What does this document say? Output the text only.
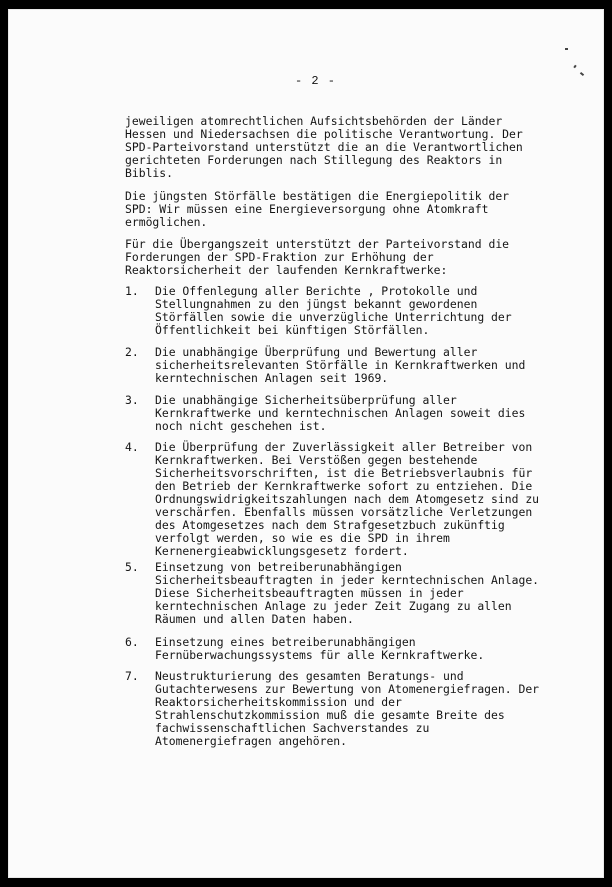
- 2 -
jeweiligen atomrechtlichen Aufsichtsbehörden der Länder
Hessen und Niedersachsen die politische Verantwortung. Der
SPD-Parteivorstand unterstützt die an die Verantwortlichen
gerichteten Forderungen nach Stillegung des Reaktors in
Biblis.
Die jüngsten Störfälle bestätigen die Energiepolitik der
SPD: Wir müssen eine Energieversorgung ohne Atomkraft
ermöglichen.
Für die Übergangszeit unterstützt der Parteivorstand die
Forderungen der SPD-Fraktion zur Erhöhung der
Reaktorsicherheit der laufenden Kernkraftwerke:
1.	Die Offenlegung aller Berichte , Protokolle und
Stellungnahmen zu den jüngst bekannt gewordenen
Störfällen sowie die unverzügliche Unterrichtung der
Öffentlichkeit bei künftigen Störfällen.
2.	Die unabhängige Überprüfung und Bewertung aller
sicherheitsrelevanten Störfälle in Kernkraftwerken und
kerntechnischen Anlagen seit 1969.
3.	Die unabhängige Sicherheitsüberprüfung aller
Kernkraftwerke und kerntechnischen Anlagen soweit dies
noch nicht geschehen ist.
4.	Die Überprüfung der Zuverlässigkeit aller Betreiber von
Kernkraftwerken. Bei Verstößen gegen bestehende
Sicherheitsvorschriften, ist die Betriebsverlaubnis für
den Betrieb der Kernkraftwerke sofort zu entziehen. Die
Ordnungswidrigkeitszahlungen nach dem Atomgesetz sind zu
verschärfen. Ebenfalls müssen vorsätzliche Verletzungen
des Atomgesetzes nach dem Strafgesetzbuch zukünftig
verfolgt werden, so wie es die SPD in ihrem
Kernenergieabwicklungsgesetz fordert.
5.	Einsetzung von betreiberunabhängigen
Sicherheitsbeauftragten in jeder kerntechnischen Anlage.
Diese Sicherheitsbeauftragten müssen in jeder
kerntechnischen Anlage zu jeder Zeit Zugang zu allen
Räumen und allen Daten haben.
6.	Einsetzung eines betreiberunabhängigen
Fernüberwachungssystems für alle Kernkraftwerke.
7.	Neustrukturierung des gesamten Beratungs- und
Gutachterwesens zur Bewertung von Atomenergiefragen. Der
Reaktorsicherheitskommission und der
Strahlenschutzkommission muß die gesamte Breite des
fachwissenschaftlichen Sachverstandes zu
Atomenergiefragen angehören.
